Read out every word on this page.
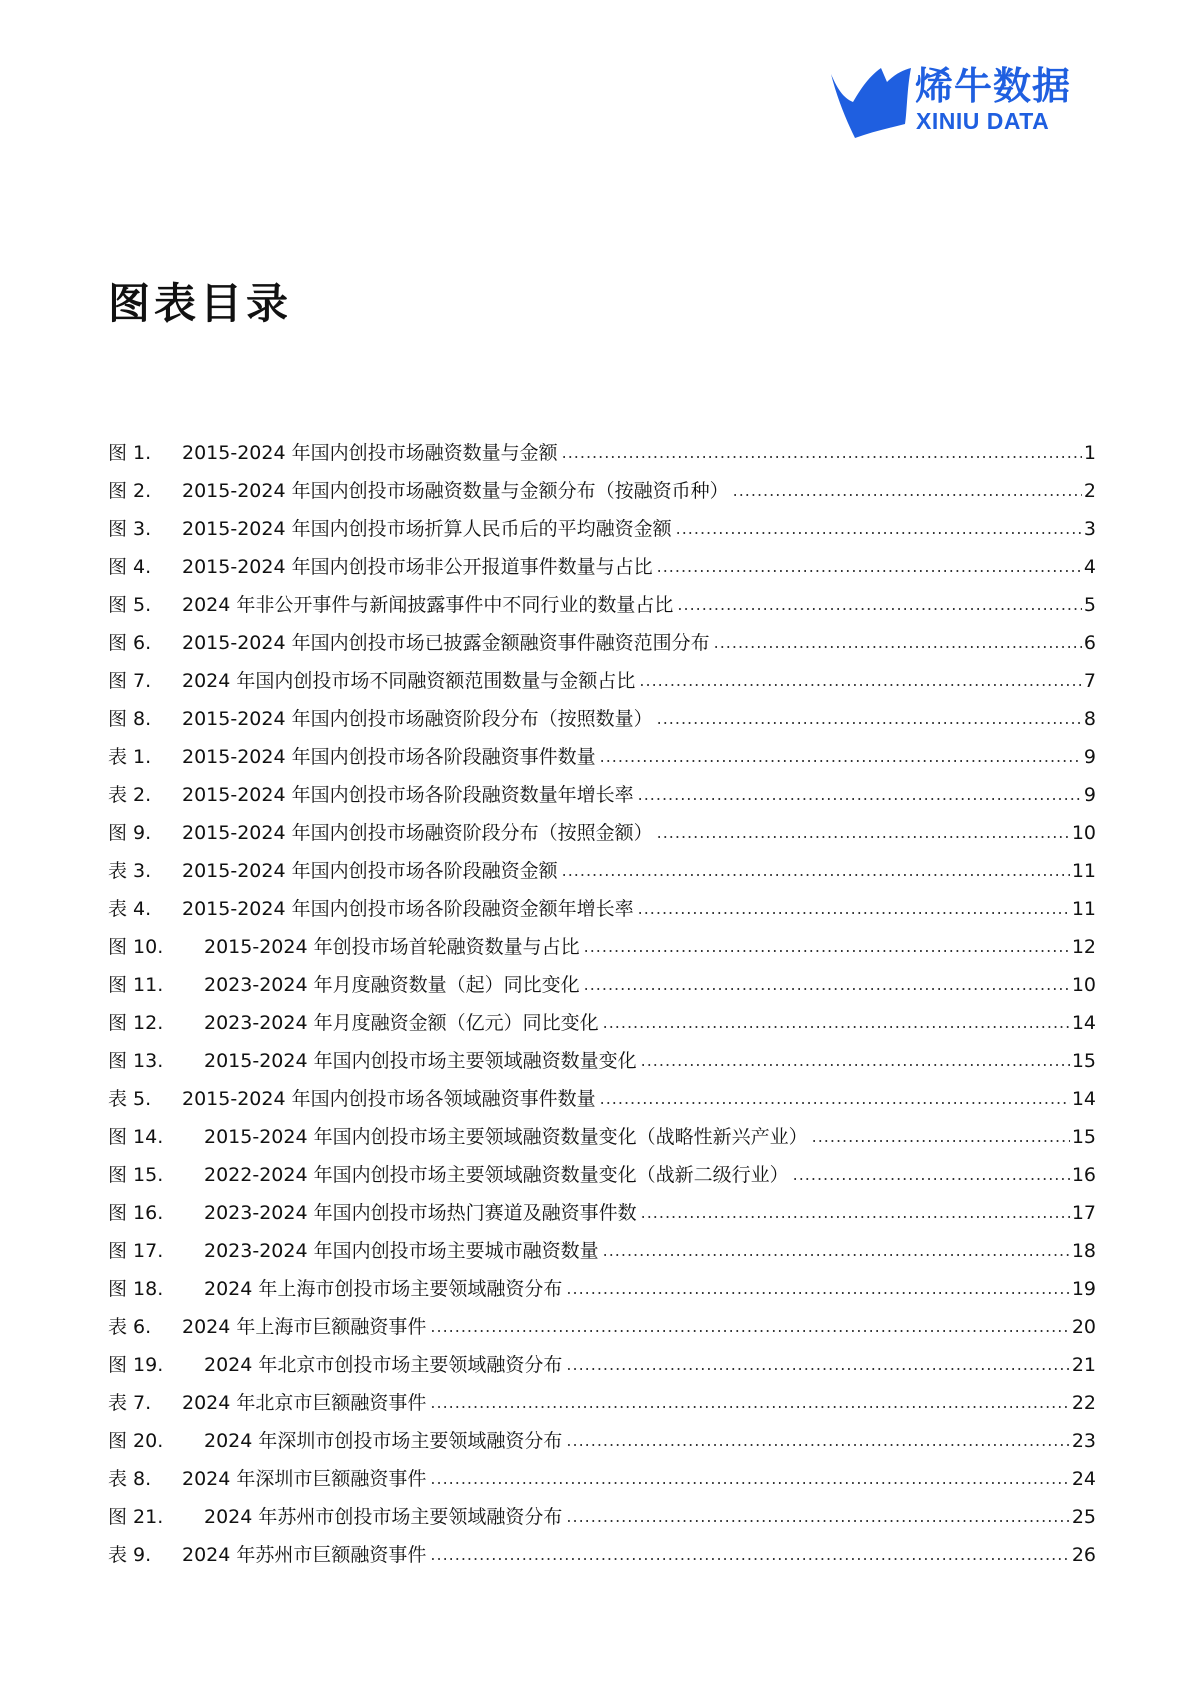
烯牛数据
XINIU DATA
图表目录
图 1.	2015-2024 年国内创投市场融资数量与金额 .....	1
图 2.	2015-2024 年国内创投市场融资数量与金额分布（按融资币种） .....	2
图 3.	2015-2024 年国内创投市场折算人民币后的平均融资金额 .....	3
图 4.	2015-2024 年国内创投市场非公开报道事件数量与占比 .....	4
图 5.	2024 年非公开事件与新闻披露事件中不同行业的数量占比 .....	5
图 6.	2015-2024 年国内创投市场已披露金额融资事件融资范围分布 .....	6
图 7.	2024 年国内创投市场不同融资额范围数量与金额占比 .....	7
图 8.	2015-2024 年国内创投市场融资阶段分布（按照数量） .....	8
表 1.	2015-2024 年国内创投市场各阶段融资事件数量 .....	9
表 2.	2015-2024 年国内创投市场各阶段融资数量年增长率 .....	9
图 9.	2015-2024 年国内创投市场融资阶段分布（按照金额） .....	10
表 3.	2015-2024 年国内创投市场各阶段融资金额 .....	11
表 4.	2015-2024 年国内创投市场各阶段融资金额年增长率 .....	11
图 10.	2015-2024 年创投市场首轮融资数量与占比 .....	12
图 11.	2023-2024 年月度融资数量（起）同比变化 .....	10
图 12.	2023-2024 年月度融资金额（亿元）同比变化 .....	14
图 13.	2015-2024 年国内创投市场主要领域融资数量变化 .....	15
表 5.	2015-2024 年国内创投市场各领域融资事件数量 .....	14
图 14.	2015-2024 年国内创投市场主要领域融资数量变化（战略性新兴产业） .....	15
图 15.	2022-2024 年国内创投市场主要领域融资数量变化（战新二级行业） .....	16
图 16.	2023-2024 年国内创投市场热门赛道及融资事件数 .....	17
图 17.	2023-2024 年国内创投市场主要城市融资数量 .....	18
图 18.	2024 年上海市创投市场主要领域融资分布 .....	19
表 6.	2024 年上海市巨额融资事件 .....	20
图 19.	2024 年北京市创投市场主要领域融资分布 .....	21
表 7.	2024 年北京市巨额融资事件 .....	22
图 20.	2024 年深圳市创投市场主要领域融资分布 .....	23
表 8.	2024 年深圳市巨额融资事件 .....	24
图 21.	2024 年苏州市创投市场主要领域融资分布 .....	25
表 9.	2024 年苏州市巨额融资事件 .....	26
